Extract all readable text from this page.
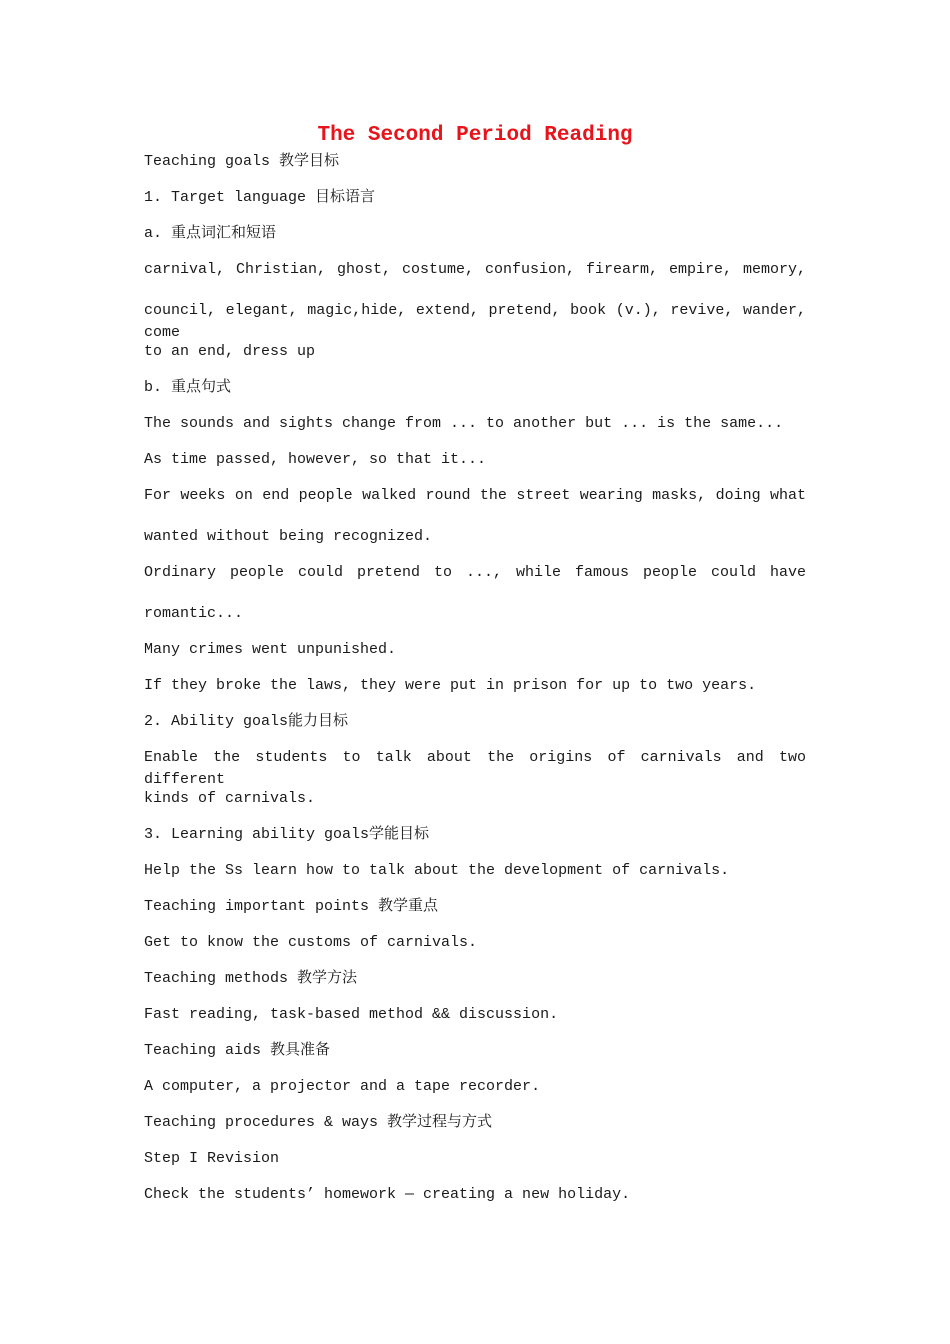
The Second Period Reading
Teaching goals 教学目标
1. Target language 目标语言
a. 重点词汇和短语
carnival, Christian, ghost, costume, confusion, firearm, empire, memory,
council, elegant, magic,hide, extend, pretend, book (v.), revive, wander, come
to an end, dress up
b. 重点句式
The sounds and sights change from ... to another but ... is the same...
As time passed, however, so that it...
For weeks on end people walked round the street wearing masks, doing what
wanted without being recognized.
Ordinary people could pretend to ..., while famous people could have
romantic...
Many crimes went unpunished.
If they broke the laws, they were put in prison for up to two years.
2. Ability goals能力目标
Enable the students to talk about the origins of carnivals and two different
kinds of carnivals.
3. Learning ability goals学能目标
Help the Ss learn how to talk about the development of carnivals.
Teaching important points 教学重点
Get to know the customs of carnivals.
Teaching methods 教学方法
Fast reading, task-based method && discussion.
Teaching aids 教具准备
A computer, a projector and a tape recorder.
Teaching procedures & ways 教学过程与方式
Step I Revision
Check the students’ homework — creating a new holiday.
